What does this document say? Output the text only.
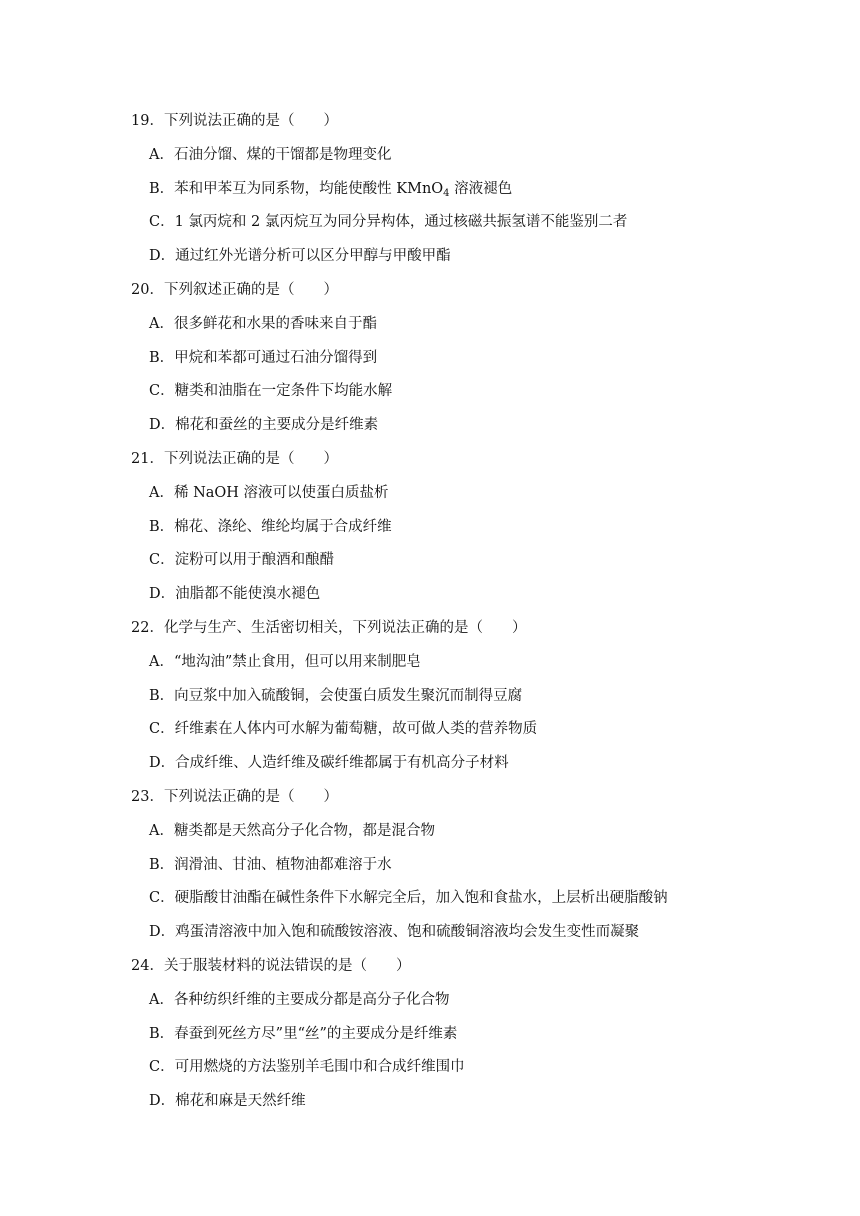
19．下列说法正确的是（　　）
A．石油分馏、煤的干馏都是物理变化
B．苯和甲苯互为同系物，均能使酸性 KMnO$_4$ 溶液褪色
C．1 氯丙烷和 2 氯丙烷互为同分异构体，通过核磁共振氢谱不能鉴别二者
D．通过红外光谱分析可以区分甲醇与甲酸甲酯
20．下列叙述正确的是（　　）
A．很多鲜花和水果的香味来自于酯
B．甲烷和苯都可通过石油分馏得到
C．糖类和油脂在一定条件下均能水解
D．棉花和蚕丝的主要成分是纤维素
21．下列说法正确的是（　　）
A．稀 NaOH 溶液可以使蛋白质盐析
B．棉花、涤纶、维纶均属于合成纤维
C．淀粉可以用于酿酒和酿醋
D．油脂都不能使溴水褪色
22．化学与生产、生活密切相关，下列说法正确的是（　　）
A．“地沟油”禁止食用，但可以用来制肥皂
B．向豆浆中加入硫酸铜，会使蛋白质发生聚沉而制得豆腐
C．纤维素在人体内可水解为葡萄糖，故可做人类的营养物质
D．合成纤维、人造纤维及碳纤维都属于有机高分子材料
23．下列说法正确的是（　　）
A．糖类都是天然高分子化合物，都是混合物
B．润滑油、甘油、植物油都难溶于水
C．硬脂酸甘油酯在碱性条件下水解完全后，加入饱和食盐水，上层析出硬脂酸钠
D．鸡蛋清溶液中加入饱和硫酸铵溶液、饱和硫酸铜溶液均会发生变性而凝聚
24．关于服装材料的说法错误的是（　　）
A．各种纺织纤维的主要成分都是高分子化合物
B．春蚕到死丝方尽”里“丝”的主要成分是纤维素
C．可用燃烧的方法鉴别羊毛围巾和合成纤维围巾
D．棉花和麻是天然纤维
